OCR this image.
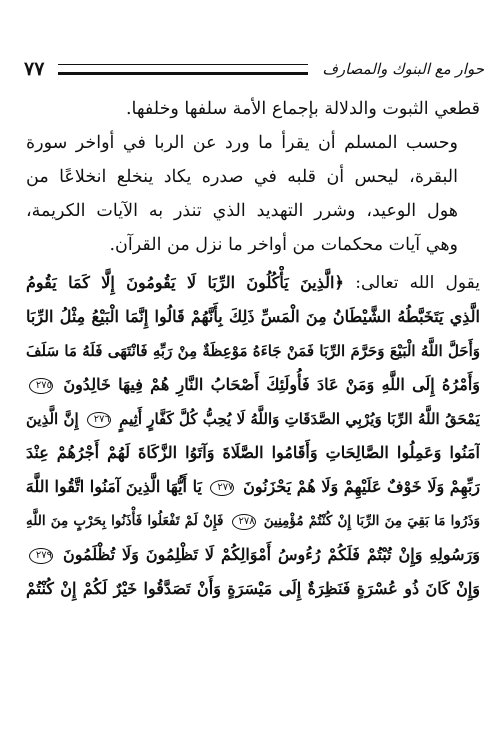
حوار مع البنوك والمصارف
٧٧

قطعي الثبوت والدلالة بإجماع الأمة سلفها وخلفها.

وحسب المسلم أن يقرأ ما ورد عن الربا في أواخر سورة
البقرة، ليحس أن قلبه في صدره يكاد ينخلع انخلاعًا من
هول الوعيد، وشرر التهديد الذي تنذر به الآيات الكريمة،
وهي آيات محكمات من أواخر ما نزل من القرآن.

يقول الله تعالى: ﴿الَّذِينَ يَأْكُلُونَ الرِّبَا لَا يَقُومُونَ إِلَّا كَمَا يَقُومُ
الَّذِي يَتَخَبَّطُهُ الشَّيْطَانُ مِنَ الْمَسِّ ذَلِكَ بِأَنَّهُمْ قَالُوا إِنَّمَا الْبَيْعُ مِثْلُ الرِّبَا
وَأَحَلَّ اللَّهُ الْبَيْعَ وَحَرَّمَ الرِّبَا فَمَنْ جَاءَهُ مَوْعِظَةٌ مِنْ رَبِّهِ فَانْتَهَى فَلَهُ مَا سَلَفَ
وَأَمْرُهُ إِلَى اللَّهِ وَمَنْ عَادَ فَأُولَئِكَ أَصْحَابُ النَّارِ هُمْ فِيهَا خَالِدُونَ ٢٧٥
يَمْحَقُ اللَّهُ الرِّبَا وَيُرْبِي الصَّدَقَاتِ وَاللَّهُ لَا يُحِبُّ كُلَّ كَفَّارٍ أَثِيمٍ ٢٧٦ إِنَّ الَّذِينَ
آمَنُوا وَعَمِلُوا الصَّالِحَاتِ وَأَقَامُوا الصَّلَاةَ وَآتَوُا الزَّكَاةَ لَهُمْ أَجْرُهُمْ عِنْدَ
رَبِّهِمْ وَلَا خَوْفٌ عَلَيْهِمْ وَلَا هُمْ يَحْزَنُونَ ٢٧٧ يَا أَيُّهَا الَّذِينَ آمَنُوا اتَّقُوا اللَّهَ
وَذَرُوا مَا بَقِيَ مِنَ الرِّبَا إِنْ كُنْتُمْ مُؤْمِنِينَ ٢٧٨ فَإِنْ لَمْ تَفْعَلُوا فَأْذَنُوا بِحَرْبٍ مِنَ اللَّهِ
وَرَسُولِهِ وَإِنْ تُبْتُمْ فَلَكُمْ رُءُوسُ أَمْوَالِكُمْ لَا تَظْلِمُونَ وَلَا تُظْلَمُونَ ٢٧٩
وَإِنْ كَانَ ذُو عُسْرَةٍ فَنَظِرَةٌ إِلَى مَيْسَرَةٍ وَأَنْ تَصَدَّقُوا خَيْرٌ لَكُمْ إِنْ كُنْتُمْ
